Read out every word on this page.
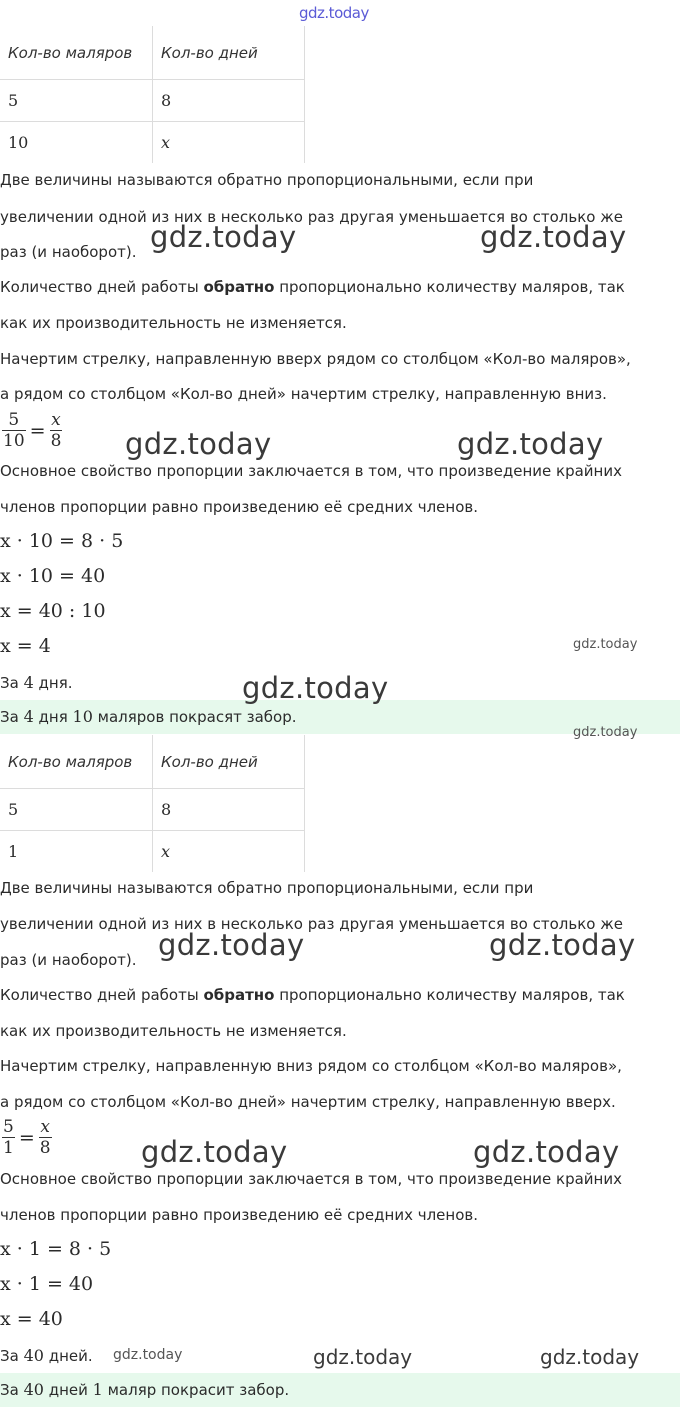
gdz.today
Кол-во маляров	Кол-во дней
5	8
10	x
Две величины называются обратно пропорциональными, если при
увеличении одной из них в несколько раз другая уменьшается во столько же
раз (и наоборот).
Количество дней работы обратно пропорционально количеству маляров, так
как их производительность не изменяется.
Начертим стрелку, направленную вверх рядом со столбцом «Кол-во маляров»,
а рядом со столбцом «Кол-во дней» начертим стрелку, направленную вниз.
$\frac{5}{10} = \frac{x}{8}$
Основное свойство пропорции заключается в том, что произведение крайних
членов пропорции равно произведению её средних членов.
x · 10 = 8 · 5
x · 10 = 40
x = 40 : 10
x = 4
За 4 дня.
За 4 дня 10 маляров покрасят забор.
Кол-во маляров	Кол-во дней
5	8
1	x
Две величины называются обратно пропорциональными, если при
увеличении одной из них в несколько раз другая уменьшается во столько же
раз (и наоборот).
Количество дней работы обратно пропорционально количеству маляров, так
как их производительность не изменяется.
Начертим стрелку, направленную вниз рядом со столбцом «Кол-во маляров»,
а рядом со столбцом «Кол-во дней» начертим стрелку, направленную вверх.
$\frac{5}{1} = \frac{x}{8}$
Основное свойство пропорции заключается в том, что произведение крайних
членов пропорции равно произведению её средних членов.
x · 1 = 8 · 5
x · 1 = 40
x = 40
За 40 дней.
За 40 дней 1 маляр покрасит забор.
gdz.today	gdz.today
gdz.today	gdz.today
gdz.today
gdz.today
gdz.today
gdz.today	gdz.today
gdz.today	gdz.today
gdz.today	gdz.today	gdz.today
